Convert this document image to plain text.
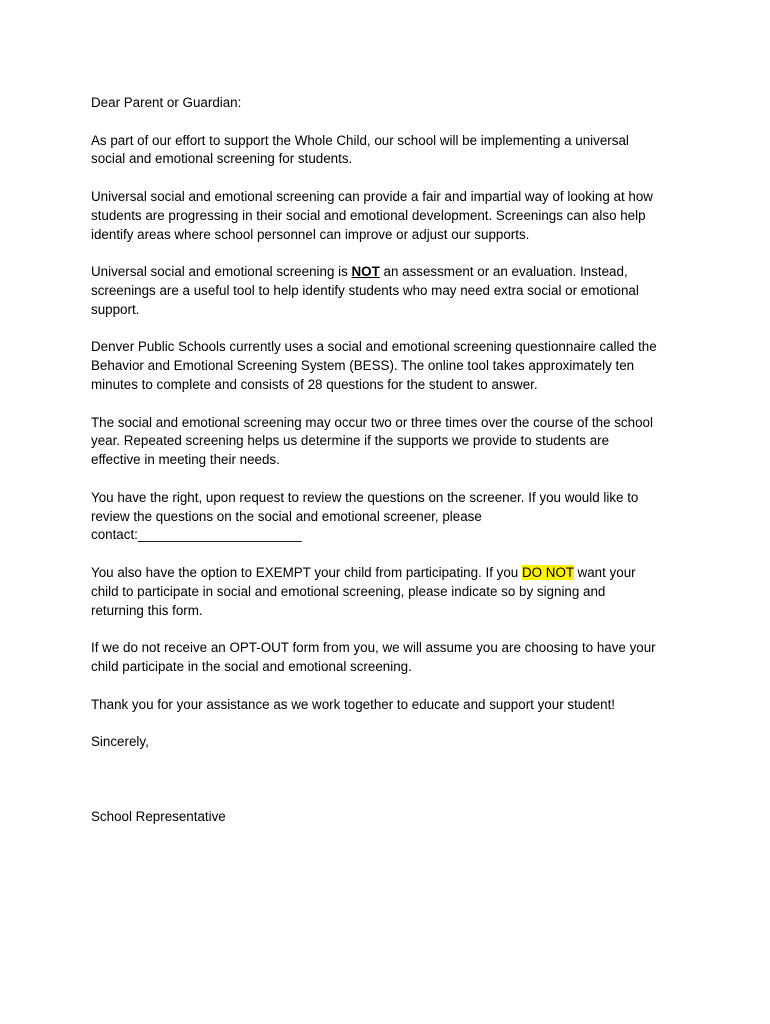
Dear Parent or Guardian:

As part of our effort to support the Whole Child, our school will be implementing a universal
social and emotional screening for students.

Universal social and emotional screening can provide a fair and impartial way of looking at how
students are progressing in their social and emotional development. Screenings can also help
identify areas where school personnel can improve or adjust our supports.

Universal social and emotional screening is NOT an assessment or an evaluation. Instead,
screenings are a useful tool to help identify students who may need extra social or emotional
support.

Denver Public Schools currently uses a social and emotional screening questionnaire called the
Behavior and Emotional Screening System (BESS). The online tool takes approximately ten
minutes to complete and consists of 28 questions for the student to answer.

The social and emotional screening may occur two or three times over the course of the school
year. Repeated screening helps us determine if the supports we provide to students are
effective in meeting their needs.

You have the right, upon request to review the questions on the screener. If you would like to
review the questions on the social and emotional screener, please
contact:______________________

You also have the option to EXEMPT your child from participating. If you DO NOT want your
child to participate in social and emotional screening, please indicate so by signing and
returning this form.

If we do not receive an OPT-OUT form from you, we will assume you are choosing to have your
child participate in the social and emotional screening.

Thank you for your assistance as we work together to educate and support your student!

Sincerely,

School Representative
